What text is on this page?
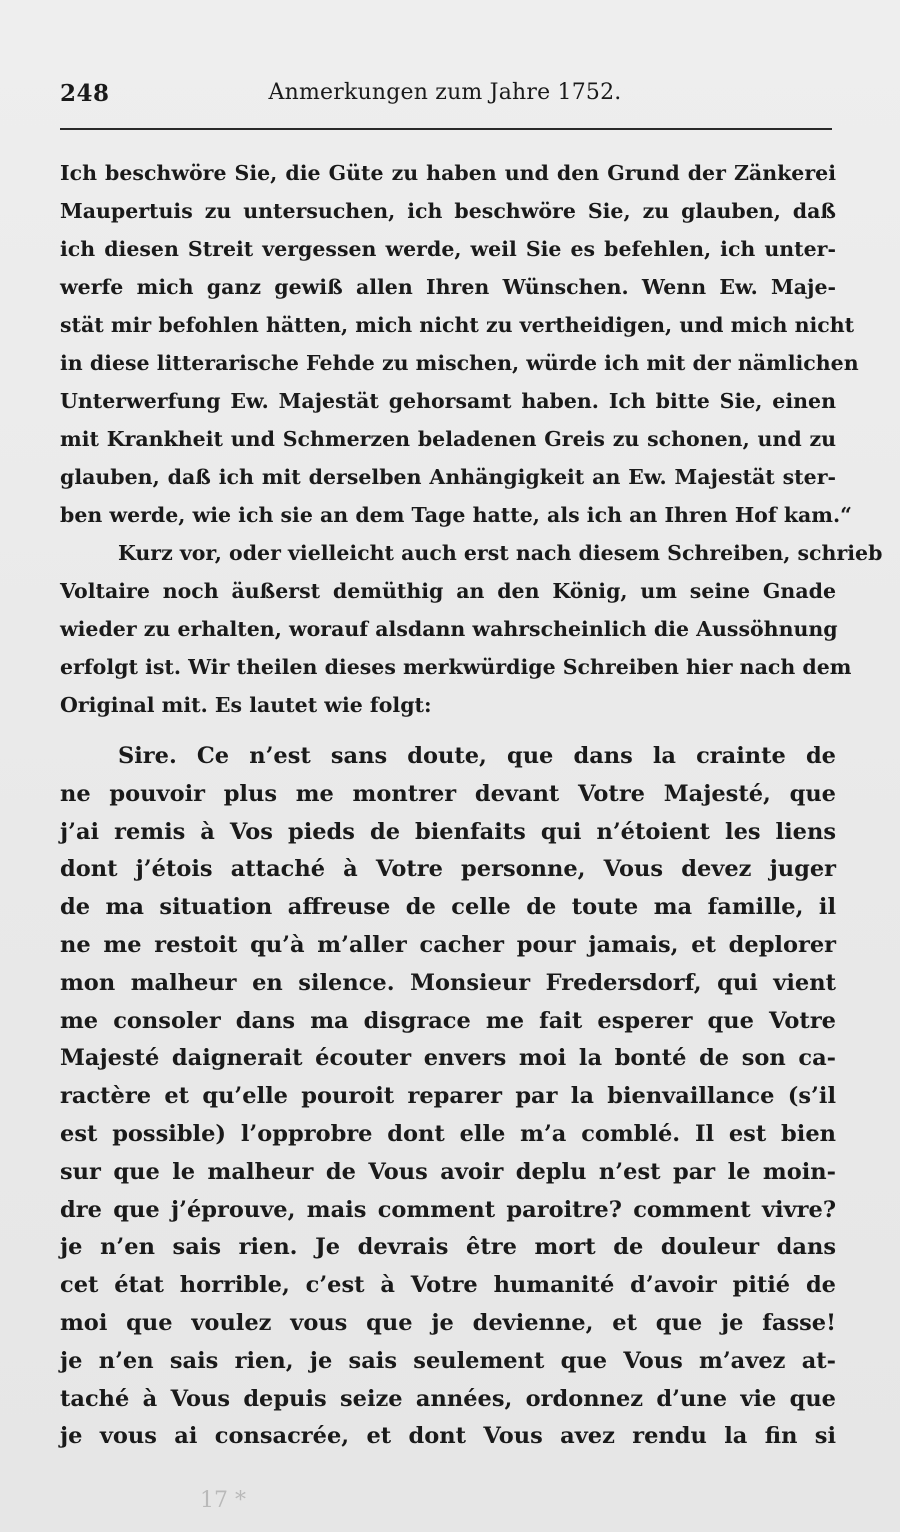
248	Anmerkungen zum Jahre 1752.
Ich beschwöre Sie, die Güte zu haben und den Grund der Zänkerei
Maupertuis zu untersuchen, ich beschwöre Sie, zu glauben, daß
ich diesen Streit vergessen werde, weil Sie es befehlen, ich unter-
werfe mich ganz gewiß allen Ihren Wünschen. Wenn Ew. Maje-
stät mir befohlen hätten, mich nicht zu vertheidigen, und mich nicht
in diese litterarische Fehde zu mischen, würde ich mit der nämlichen
Unterwerfung Ew. Majestät gehorsamt haben. Ich bitte Sie, einen
mit Krankheit und Schmerzen beladenen Greis zu schonen, und zu
glauben, daß ich mit derselben Anhängigkeit an Ew. Majestät ster-
ben werde, wie ich sie an dem Tage hatte, als ich an Ihren Hof kam.“
Kurz vor, oder vielleicht auch erst nach diesem Schreiben, schrieb
Voltaire noch äußerst demüthig an den König, um seine Gnade
wieder zu erhalten, worauf alsdann wahrscheinlich die Aussöhnung
erfolgt ist. Wir theilen dieses merkwürdige Schreiben hier nach dem
Original mit. Es lautet wie folgt:
Sire. Ce n’est sans doute, que dans la crainte de
ne pouvoir plus me montrer devant Votre Majesté, que
j’ai remis à Vos pieds de bienfaits qui n’étoient les liens
dont j’étois attaché à Votre personne, Vous devez juger
de ma situation affreuse de celle de toute ma famille, il
ne me restoit qu’à m’aller cacher pour jamais, et deplorer
mon malheur en silence. Monsieur Fredersdorf, qui vient
me consoler dans ma disgrace me fait esperer que Votre
Majesté daignerait écouter envers moi la bonté de son ca-
ractère et qu’elle pouroit reparer par la bienvaillance (s’il
est possible) l’opprobre dont elle m’a comblé. Il est bien
sur que le malheur de Vous avoir deplu n’est par le moin-
dre que j’éprouve, mais comment paroitre? comment vivre?
je n’en sais rien. Je devrais être mort de douleur dans
cet état horrible, c’est à Votre humanité d’avoir pitié de
moi que voulez vous que je devienne, et que je fasse!
je n’en sais rien, je sais seulement que Vous m’avez at-
taché à Vous depuis seize années, ordonnez d’une vie que
je vous ai consacrée, et dont Vous avez rendu la fin si
17 *
